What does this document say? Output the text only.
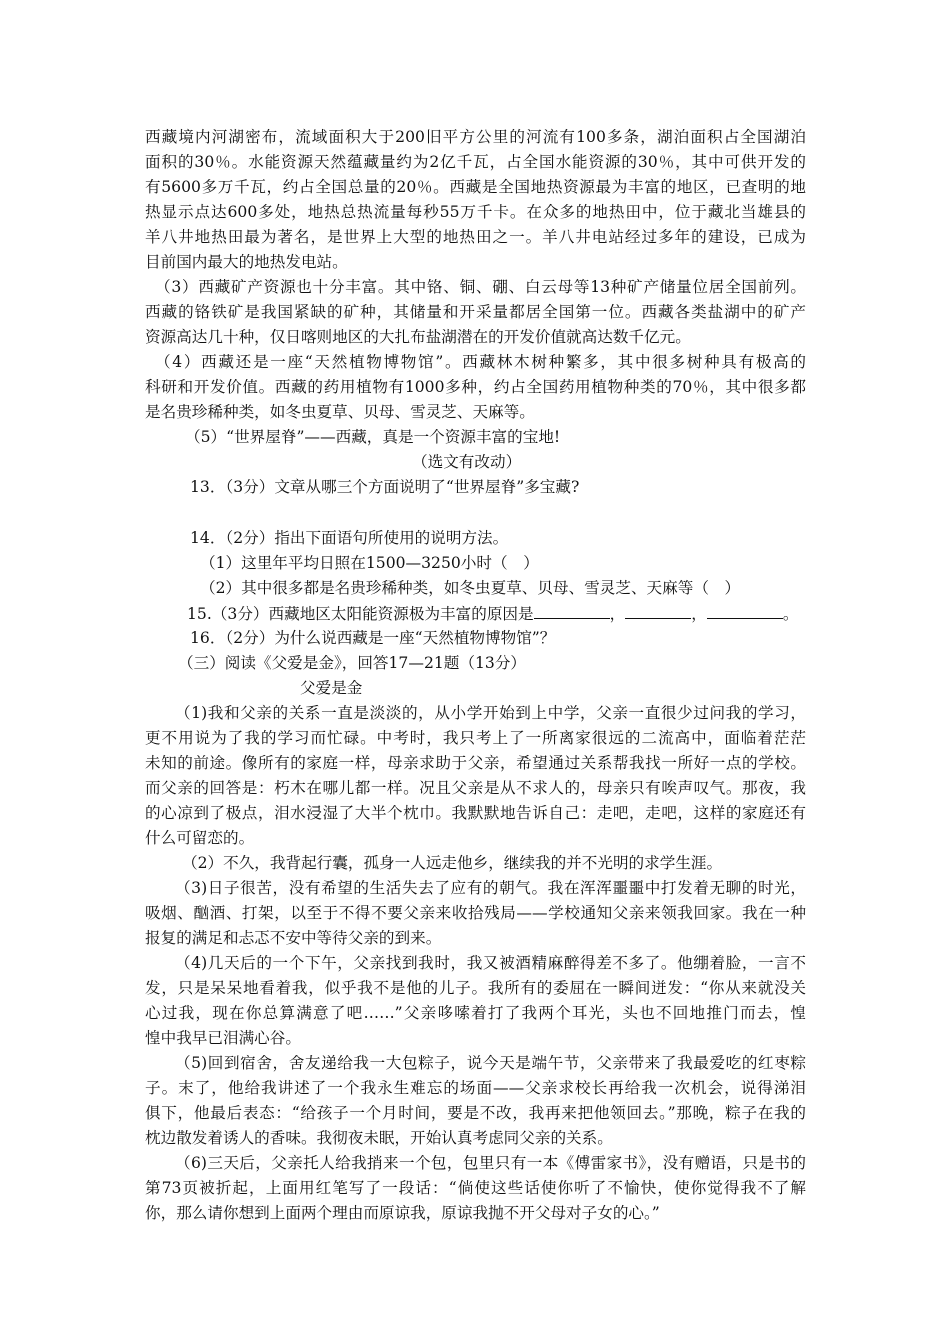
西藏境内河湖密布，流域面积大于200旧平方公里的河流有100多条，湖泊面积占全国湖泊
面积的30％。水能资源天然蕴藏量约为2亿千瓦，占全国水能资源的30％，其中可供开发的
有5600多万千瓦，约占全国总量的20％。西藏是全国地热资源最为丰富的地区，已查明的地
热显示点达600多处，地热总热流量每秒55万千卡。在众多的地热田中，位于藏北当雄县的
羊八井地热田最为著名，是世界上大型的地热田之一。羊八井电站经过多年的建设，已成为
目前国内最大的地热发电站。
（3）西藏矿产资源也十分丰富。其中铬、铜、硼、白云母等13种矿产储量位居全国前列。
西藏的铬铁矿是我国紧缺的矿种，其储量和开采量都居全国第一位。西藏各类盐湖中的矿产
资源高达几十种，仅日喀则地区的大扎布盐湖潜在的开发价值就高达数千亿元。
（4）西藏还是一座“天然植物博物馆”。西藏林木树种繁多，其中很多树种具有极高的
科研和开发价值。西藏的药用植物有1000多种，约占全国药用植物种类的70％，其中很多都
是名贵珍稀种类，如冬虫夏草、贝母、雪灵芝、天麻等。
（5）“世界屋脊”——西藏，真是一个资源丰富的宝地!
（选文有改动）
13．（3分）文章从哪三个方面说明了“世界屋脊”多宝藏?
14．（2分）指出下面语句所使用的说明方法。
（1）这里年平均日照在1500—3250小时（　）
（2）其中很多都是名贵珍稀种类，如冬虫夏草、贝母、雪灵芝、天麻等（　）
15.（3分）西藏地区太阳能资源极为丰富的原因是	，	，	。
16．（2分）为什么说西藏是一座“天然植物博物馆”？
（三）阅读《父爱是金》，回答17—21题（13分）
父爱是金
（1)我和父亲的关系一直是淡淡的，从小学开始到上中学，父亲一直很少过问我的学习，
更不用说为了我的学习而忙碌。中考时，我只考上了一所离家很远的二流高中，面临着茫茫
未知的前途。像所有的家庭一样，母亲求助于父亲，希望通过关系帮我找一所好一点的学校。
而父亲的回答是：朽木在哪儿都一样。况且父亲是从不求人的，母亲只有唉声叹气。那夜，我
的心凉到了极点，泪水浸湿了大半个枕巾。我默默地告诉自己：走吧，走吧，这样的家庭还有
什么可留恋的。
（2）不久，我背起行囊，孤身一人远走他乡，继续我的并不光明的求学生涯。
（3)日子很苦，没有希望的生活失去了应有的朝气。我在浑浑噩噩中打发着无聊的时光，
吸烟、酗酒、打架，以至于不得不要父亲来收拾残局——学校通知父亲来领我回家。我在一种
报复的满足和忐忑不安中等待父亲的到来。
（4)几天后的一个下午，父亲找到我时，我又被酒精麻醉得差不多了。他绷着脸，一言不
发，只是呆呆地看着我，似乎我不是他的儿子。我所有的委屈在一瞬间迸发：“你从来就没关
心过我，现在你总算满意了吧……”父亲哆嗦着打了我两个耳光，头也不回地推门而去，惶
惶中我早已泪满心谷。
（5)回到宿舍，舍友递给我一大包粽子，说今天是端午节，父亲带来了我最爱吃的红枣粽
子。末了，他给我讲述了一个我永生难忘的场面——父亲求校长再给我一次机会，说得涕泪
俱下，他最后表态：“给孩子一个月时间，要是不改，我再来把他领回去。”那晚，粽子在我的
枕边散发着诱人的香味。我彻夜未眠，开始认真考虑同父亲的关系。
（6)三天后，父亲托人给我捎来一个包，包里只有一本《傅雷家书》，没有赠语，只是书的
第73页被折起，上面用红笔写了一段话：“倘使这些话使你听了不愉快，使你觉得我不了解
你，那么请你想到上面两个理由而原谅我，原谅我抛不开父母对子女的心。”
